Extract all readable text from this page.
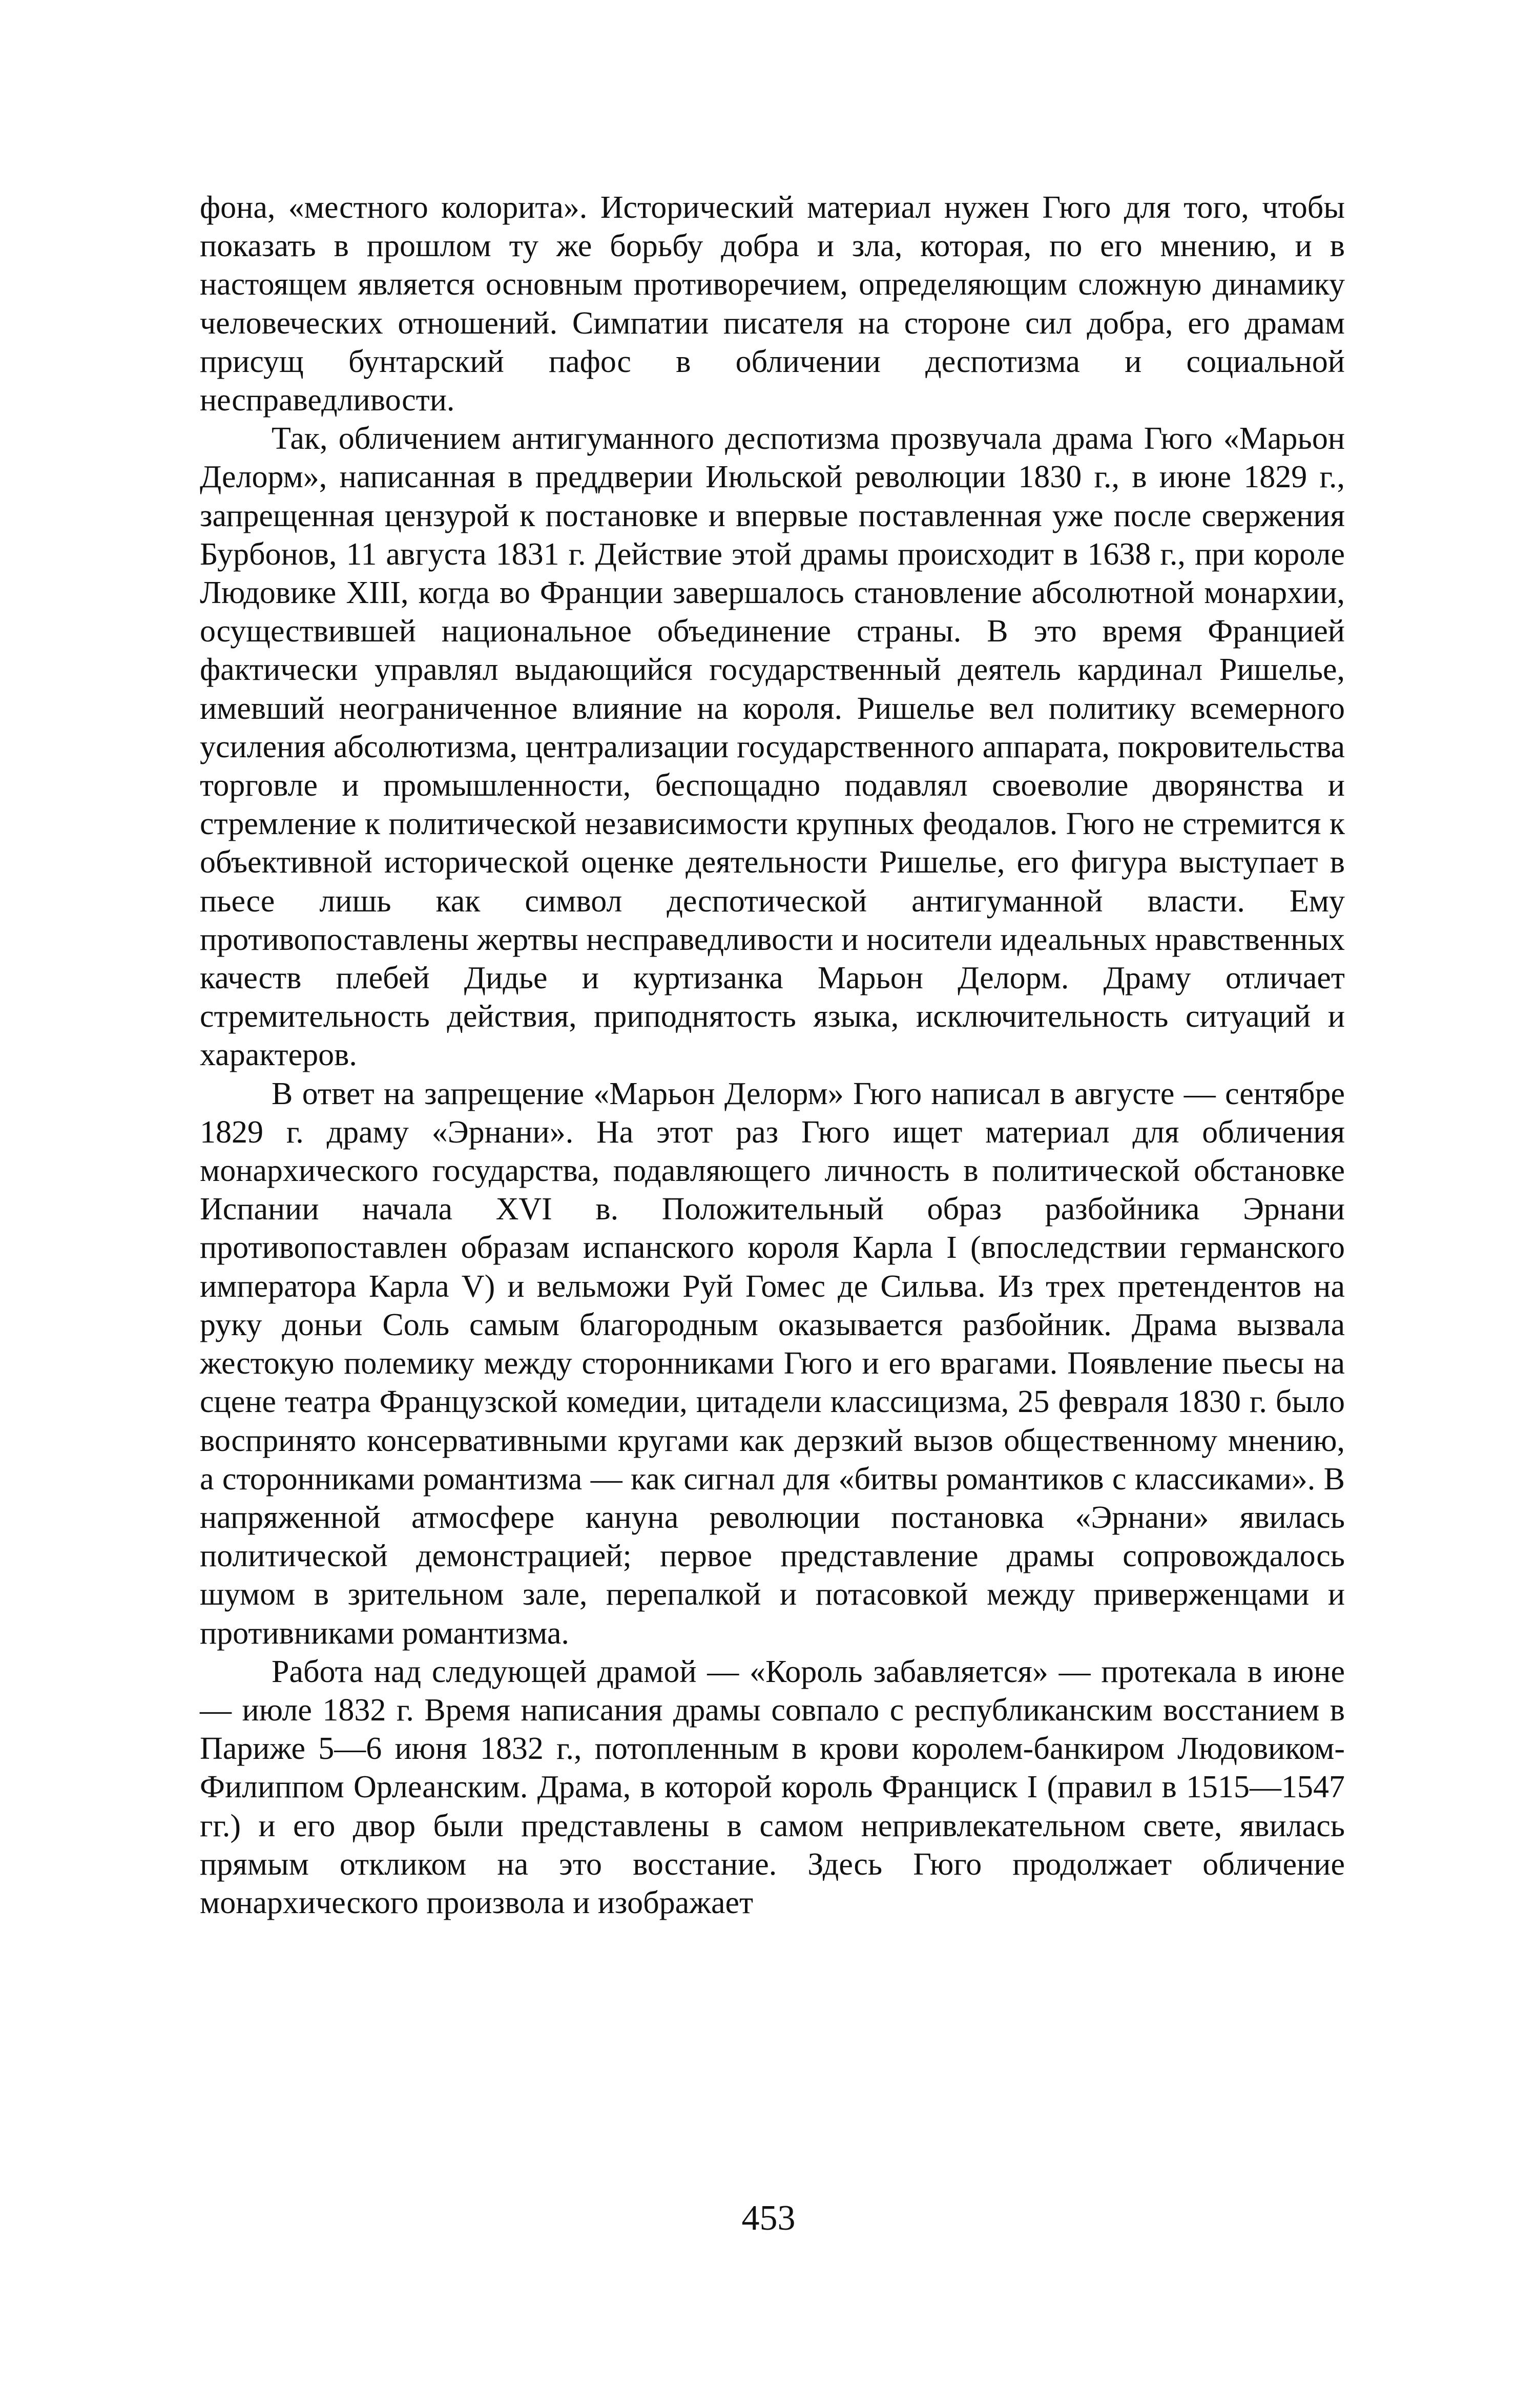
фона, «местного колорита». Исторический материал нужен Гюго для того, чтобы показать в прошлом ту же борьбу добра и зла, которая, по его мнению, и в настоящем является основным противоречием, определяющим сложную динамику человеческих отношений. Симпатии писателя на стороне сил добра, его драмам присущ бунтарский пафос в обличении деспотизма и социальной несправедливости.

Так, обличением антигуманного деспотизма прозвучала драма Гюго «Марьон Делорм», написанная в преддверии Июльской революции 1830 г., в июне 1829 г., запрещенная цензурой к постановке и впервые поставленная уже после свержения Бурбонов, 11 августа 1831 г. Действие этой драмы происходит в 1638 г., при короле Людовике XIII, когда во Франции завершалось становление абсолютной монархии, осуществившей национальное объединение страны. В это время Францией фактически управлял выдающийся государственный деятель кардинал Ришелье, имевший неограниченное влияние на короля. Ришелье вел политику всемерного усиления абсолютизма, централизации государственного аппарата, покровительства торговле и промышленности, беспощадно подавлял своеволие дворянства и стремление к политической независимости крупных феодалов. Гюго не стремится к объективной исторической оценке деятельности Ришелье, его фигура выступает в пьесе лишь как символ деспотической антигуманной власти. Ему противопоставлены жертвы несправедливости и носители идеальных нравственных качеств плебей Дидье и куртизанка Марьон Делорм. Драму отличает стремительность действия, приподнятость языка, исключительность ситуаций и характеров.

В ответ на запрещение «Марьон Делорм» Гюго написал в августе — сентябре 1829 г. драму «Эрнани». На этот раз Гюго ищет материал для обличения монархического государства, подавляющего личность в политической обстановке Испании начала XVI в. Положительный образ разбойника Эрнани противопоставлен образам испанского короля Карла I (впоследствии германского императора Карла V) и вельможи Руй Гомес де Сильва. Из трех претендентов на руку доньи Соль самым благородным оказывается разбойник. Драма вызвала жестокую полемику между сторонниками Гюго и его врагами. Появление пьесы на сцене театра Французской комедии, цитадели классицизма, 25 февраля 1830 г. было воспринято консервативными кругами как дерзкий вызов общественному мнению, а сторонниками романтизма — как сигнал для «битвы романтиков с классиками». В напряженной атмосфере кануна революции постановка «Эрнани» явилась политической демонстрацией; первое представление драмы сопровождалось шумом в зрительном зале, перепалкой и потасовкой между приверженцами и противниками романтизма.

Работа над следующей драмой — «Король забавляется» — протекала в июне — июле 1832 г. Время написания драмы совпало с республиканским восстанием в Париже 5—6 июня 1832 г., потопленным в крови королем-банкиром Людовиком-Филиппом Орлеанским. Драма, в которой король Франциск I (правил в 1515—1547 гг.) и его двор были представлены в самом непривлекательном свете, явилась прямым откликом на это восстание. Здесь Гюго продолжает обличение монархического произвола и изображает

453
